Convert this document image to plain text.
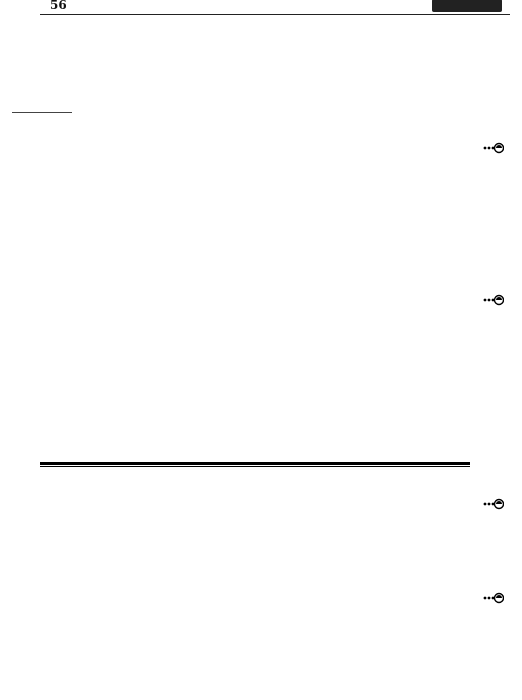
56
